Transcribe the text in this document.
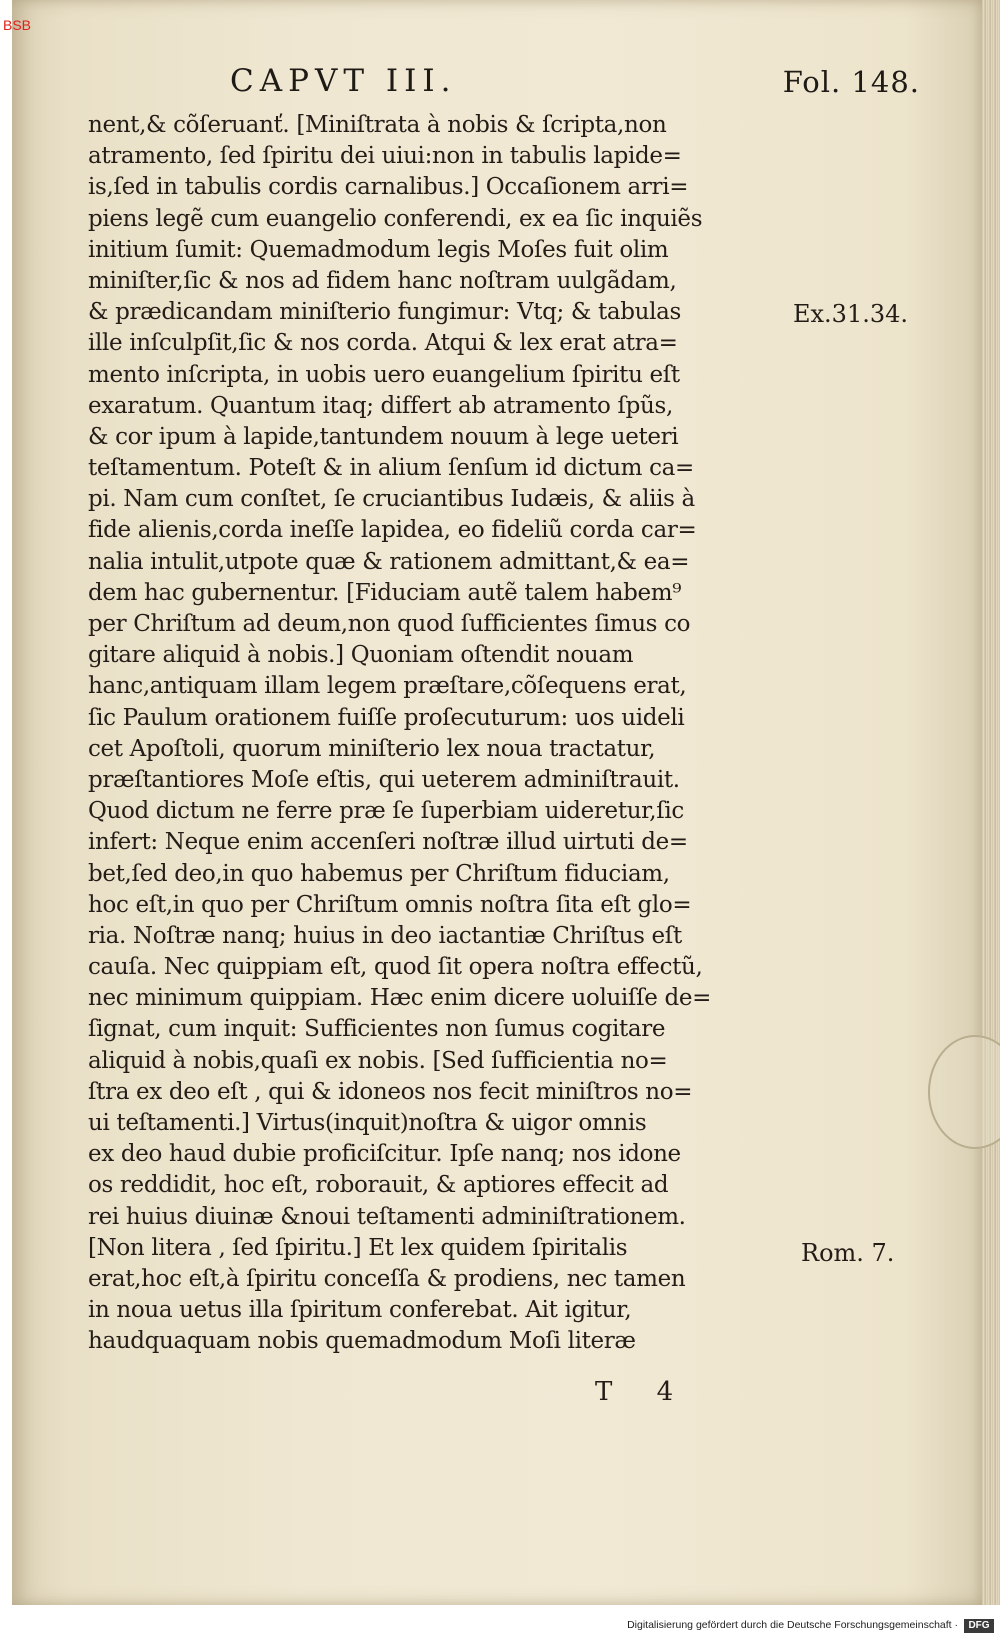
BSB
CAPVT III.	Fol. 148.
nent,& cõſeruanť. [Miniſtrata à nobis & ſcripta,non
atramento, ſed ſpiritu dei uiui:non in tabulis lapide=
is,ſed in tabulis cordis carnalibus.] Occaſionem arri=
piens legẽ cum euangelio conferendi, ex ea ſic inquiẽs
initium ſumit: Quemadmodum legis Moſes fuit olim
miniſter,ſic & nos ad fidem hanc noſtram uulgãdam,
& prædicandam miniſterio fungimur: Vtq; & tabulas
ille inſculpſit,ſic & nos corda. Atqui & lex erat atra=
mento inſcripta, in uobis uero euangelium ſpiritu eſt
exaratum. Quantum itaq; differt ab atramento ſpũs,
& cor ipum à lapide,tantundem nouum à lege ueteri
teſtamentum. Poteſt & in alium ſenſum id dictum ca=
pi. Nam cum conſtet, ſe cruciantibus Iudæis, & aliis à
fide alienis,corda ineſſe lapidea, eo fideliũ corda car=
nalia intulit,utpote quæ & rationem admittant,& ea=
dem hac gubernentur. [Fiduciam autẽ talem habem⁹
per Chriſtum ad deum,non quod ſufficientes ſimus co
gitare aliquid à nobis.] Quoniam oſtendit nouam
hanc,antiquam illam legem præſtare,cõſequens erat,
ſic Paulum orationem fuiſſe proſecuturum: uos uideli
cet Apoſtoli, quorum miniſterio lex noua tractatur,
præſtantiores Moſe eſtis, qui ueterem adminiſtrauit.
Quod dictum ne ferre præ ſe ſuperbiam uideretur,ſic
infert: Neque enim accenſeri noſtræ illud uirtuti de=
bet,ſed deo,in quo habemus per Chriſtum fiduciam,
hoc eſt,in quo per Chriſtum omnis noſtra ſita eſt glo=
ria. Noſtræ nanq; huius in deo iactantiæ Chriſtus eſt
cauſa. Nec quippiam eſt, quod ſit opera noſtra effectũ,
nec minimum quippiam. Hæc enim dicere uoluiſſe de=
ſignat, cum inquit: Sufficientes non ſumus cogitare
aliquid à nobis,quaſi ex nobis. [Sed ſufficientia no=
ſtra ex deo eſt , qui & idoneos nos fecit miniſtros no=
ui teſtamenti.] Virtus(inquit)noſtra & uigor omnis
ex deo haud dubie proficiſcitur. Ipſe nanq; nos idone
os reddidit, hoc eſt, roborauit, & aptiores effecit ad
rei huius diuinæ &noui teſtamenti adminiſtrationem.
[Non litera , ſed ſpiritu.] Et lex quidem ſpiritalis
erat,hoc eſt,à ſpiritu conceſſa & prodiens, nec tamen
in noua uetus illa ſpiritum conferebat. Ait igitur,
haudquaquam nobis quemadmodum Moſi literæ
Ex.31.34.
Rom. 7.
T 4
Digitalisierung gefördert durch die Deutsche Forschungsgemeinschaft ·	DFG
